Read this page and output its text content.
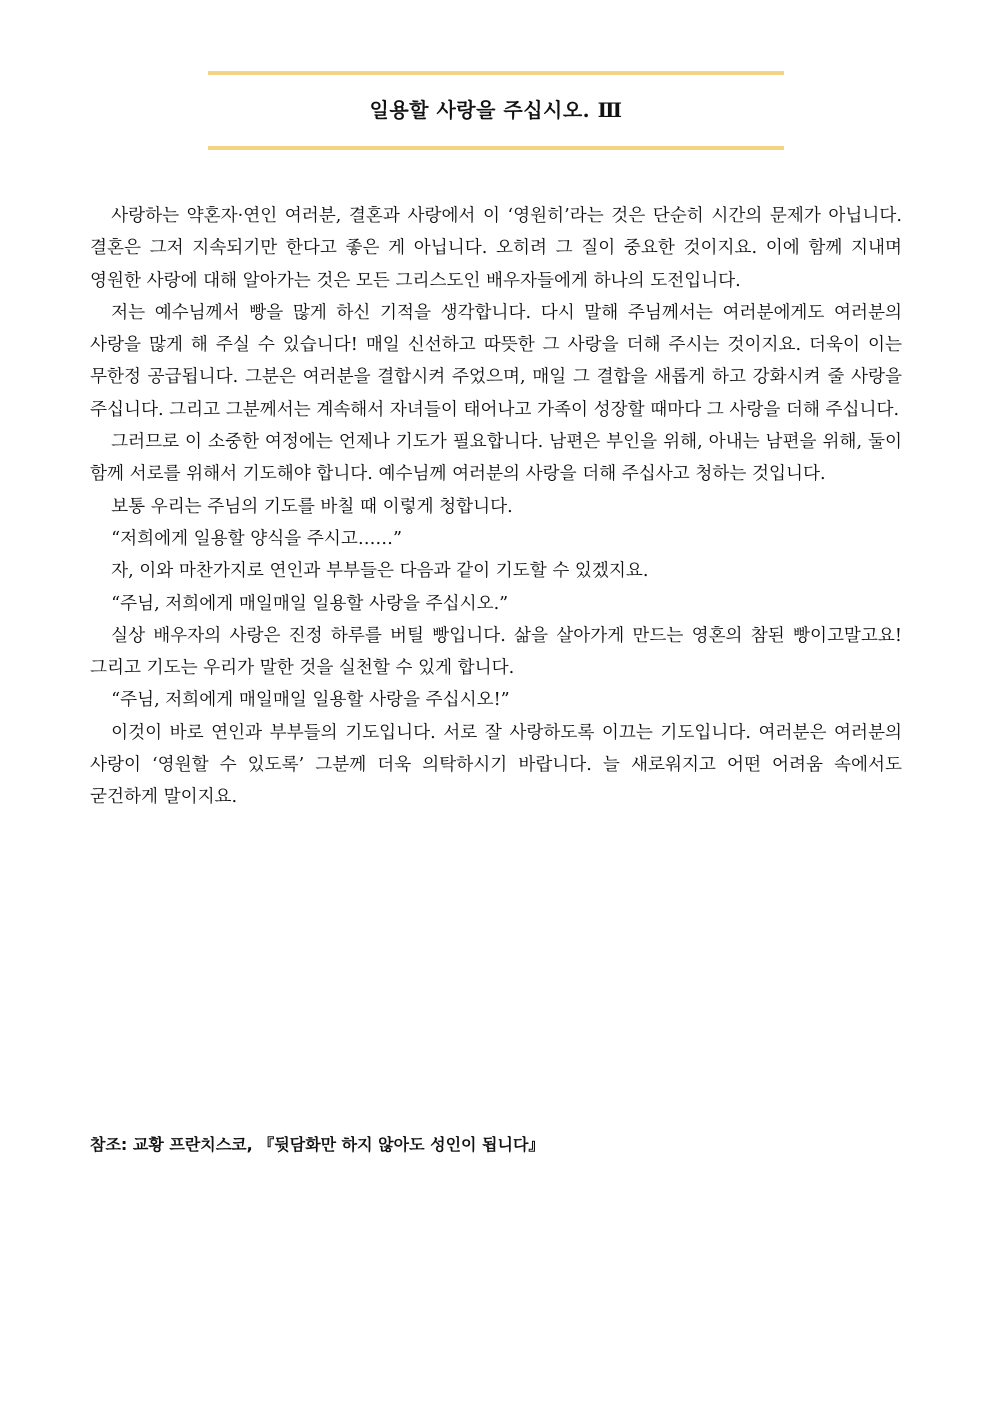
일용할 사랑을 주십시오. Ⅲ

사랑하는 약혼자·연인 여러분, 결혼과 사랑에서 이 ‘영원히’라는 것은 단순히 시간의 문제가 아닙니다. 결혼은 그저 지속되기만 한다고 좋은 게 아닙니다. 오히려 그 질이 중요한 것이지요. 이에 함께 지내며 영원한 사랑에 대해 알아가는 것은 모든 그리스도인 배우자들에게 하나의 도전입니다.

저는 예수님께서 빵을 많게 하신 기적을 생각합니다. 다시 말해 주님께서는 여러분에게도 여러분의 사랑을 많게 해 주실 수 있습니다! 매일 신선하고 따뜻한 그 사랑을 더해 주시는 것이지요. 더욱이 이는 무한정 공급됩니다. 그분은 여러분을 결합시켜 주었으며, 매일 그 결합을 새롭게 하고 강화시켜 줄 사랑을 주십니다. 그리고 그분께서는 계속해서 자녀들이 태어나고 가족이 성장할 때마다 그 사랑을 더해 주십니다.

그러므로 이 소중한 여정에는 언제나 기도가 필요합니다. 남편은 부인을 위해, 아내는 남편을 위해, 둘이 함께 서로를 위해서 기도해야 합니다. 예수님께 여러분의 사랑을 더해 주십사고 청하는 것입니다.

보통 우리는 주님의 기도를 바칠 때 이렇게 청합니다.

“저희에게 일용할 양식을 주시고……”

자, 이와 마찬가지로 연인과 부부들은 다음과 같이 기도할 수 있겠지요.

“주님, 저희에게 매일매일 일용할 사랑을 주십시오.”

실상 배우자의 사랑은 진정 하루를 버틸 빵입니다. 삶을 살아가게 만드는 영혼의 참된 빵이고말고요! 그리고 기도는 우리가 말한 것을 실천할 수 있게 합니다.

“주님, 저희에게 매일매일 일용할 사랑을 주십시오!”

이것이 바로 연인과 부부들의 기도입니다. 서로 잘 사랑하도록 이끄는 기도입니다. 여러분은 여러분의 사랑이 ‘영원할 수 있도록’ 그분께 더욱 의탁하시기 바랍니다. 늘 새로워지고 어떤 어려움 속에서도 굳건하게 말이지요.

참조: 교황 프란치스코, 『뒷담화만 하지 않아도 성인이 됩니다』
